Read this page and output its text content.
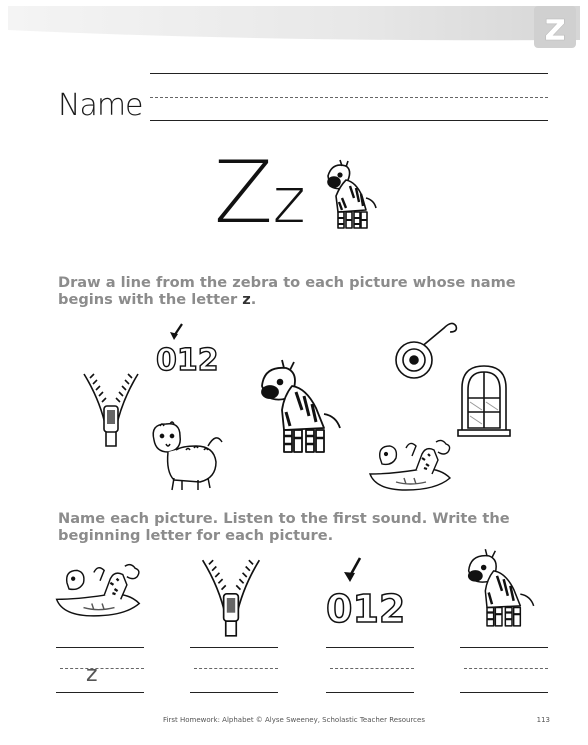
z
Name
Zz
Draw a line from the zebra to each picture whose name begins with the letter z.
012
Name each picture. Listen to the first sound. Write the beginning letter for each picture.
012
z
First Homework: Alphabet © Alyse Sweeney, Scholastic Teacher Resources	113
